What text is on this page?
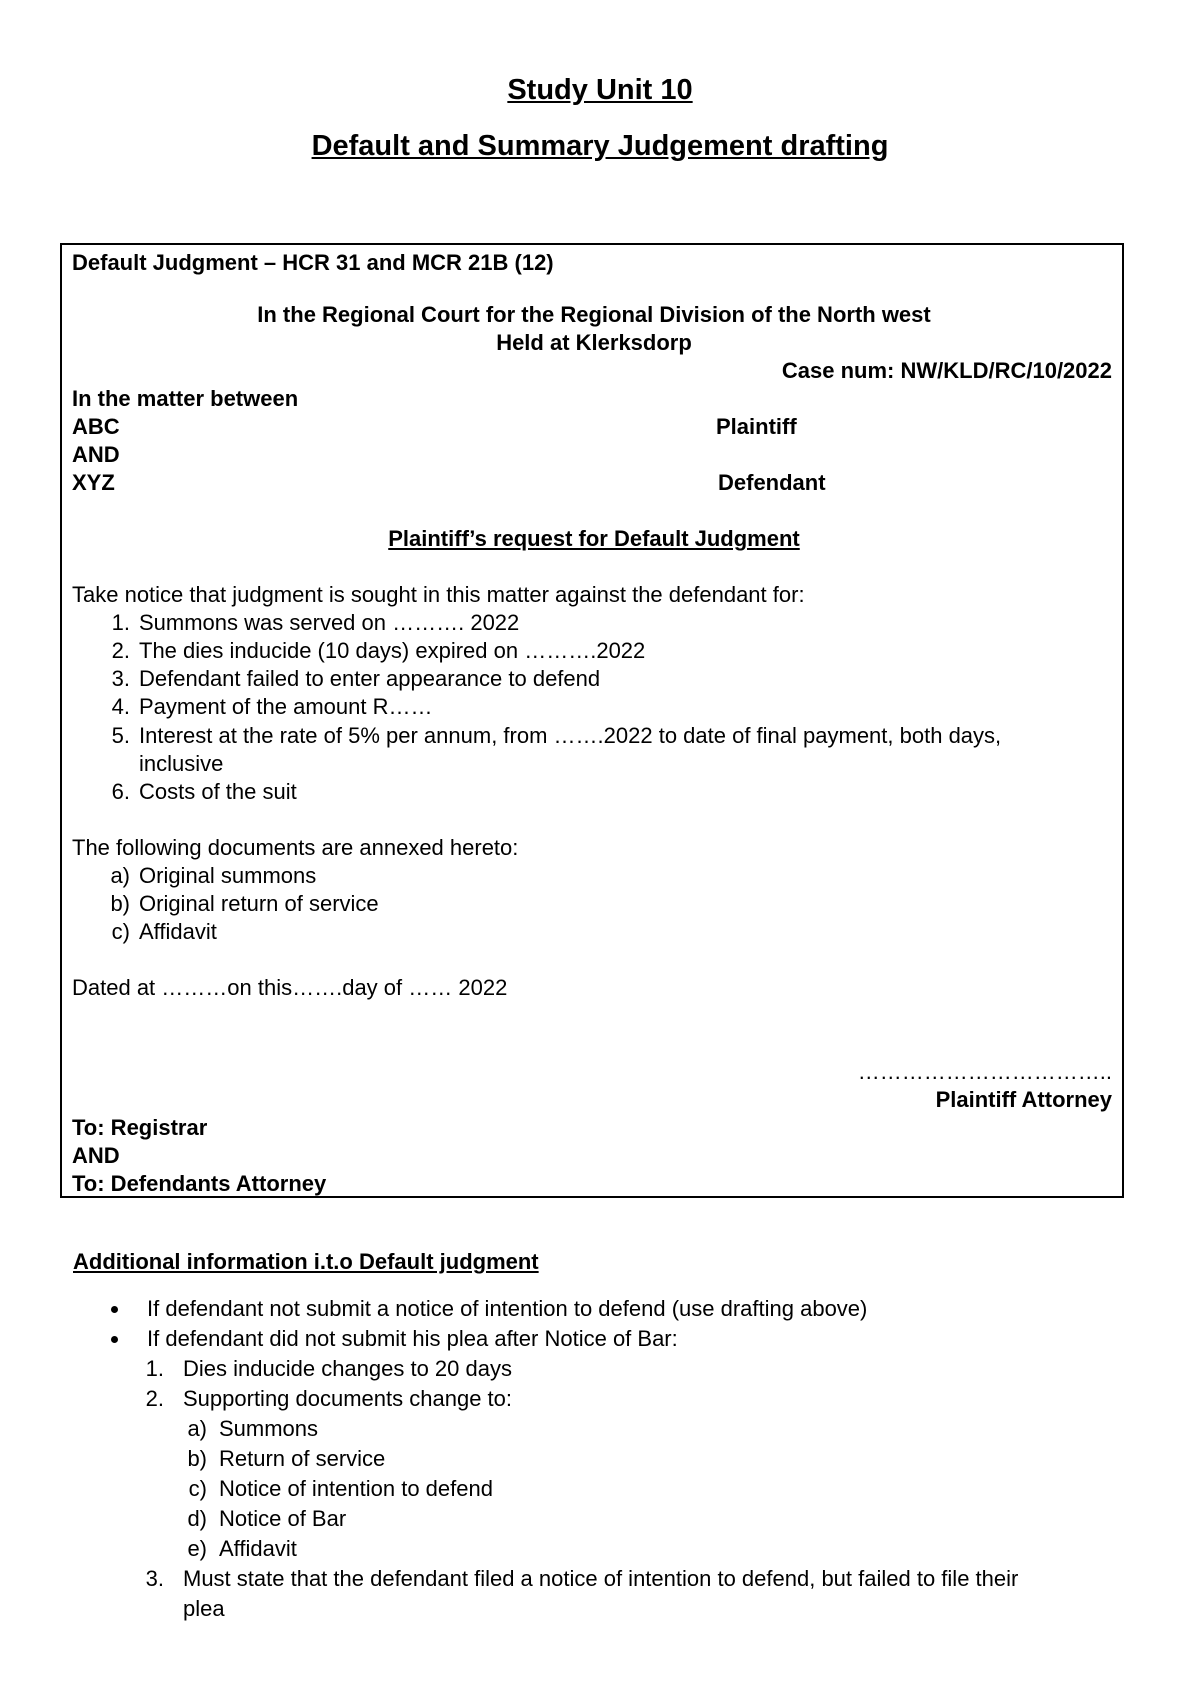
Study Unit 10
Default and Summary Judgement drafting
Default Judgment – HCR 31 and MCR 21B (12)
In the Regional Court for the Regional Division of the North west
Held at Klerksdorp
Case num: NW/KLD/RC/10/2022
In the matter between
ABC	Plaintiff
AND
XYZ	Defendant
Plaintiff’s request for Default Judgment
Take notice that judgment is sought in this matter against the defendant for:
1. Summons was served on ………. 2022
2. The dies inducide (10 days) expired on ……….2022
3. Defendant failed to enter appearance to defend
4. Payment of the amount R……
5. Interest at the rate of 5% per annum, from …….2022 to date of final payment, both days,
inclusive
6. Costs of the suit
The following documents are annexed hereto:
a) Original summons
b) Original return of service
c) Affidavit
Dated at ………on this…….day of …… 2022
……………………………..
Plaintiff Attorney
To: Registrar
AND
To: Defendants Attorney
Additional information i.t.o Default judgment
If defendant not submit a notice of intention to defend (use drafting above)
If defendant did not submit his plea after Notice of Bar:
1. Dies inducide changes to 20 days
2. Supporting documents change to:
a) Summons
b) Return of service
c) Notice of intention to defend
d) Notice of Bar
e) Affidavit
3. Must state that the defendant filed a notice of intention to defend, but failed to file their
plea
